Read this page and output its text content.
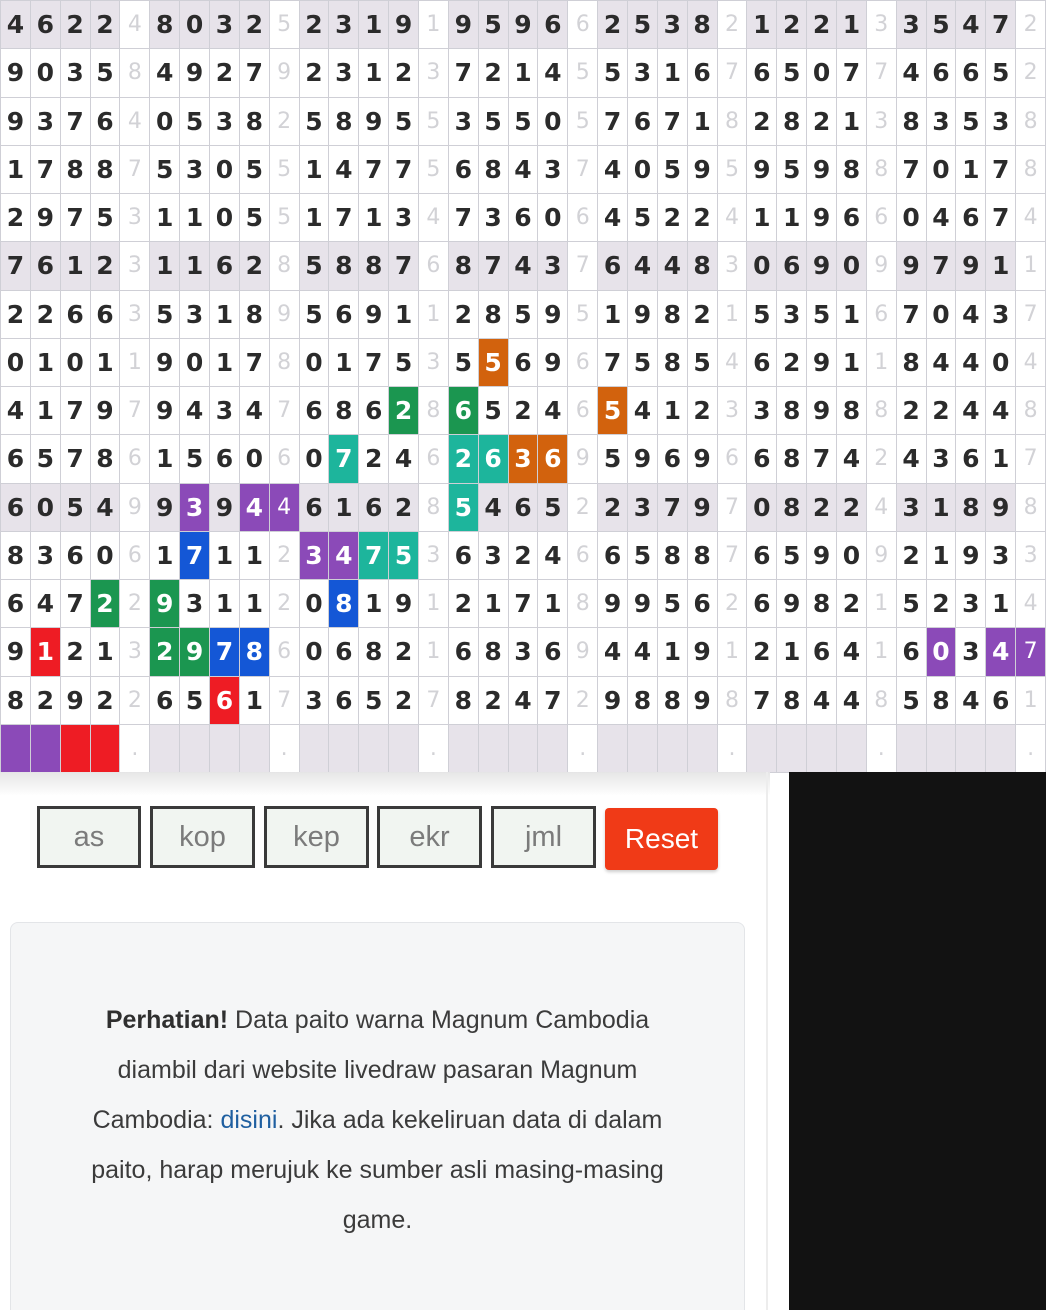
4 6 2 2 4 8 0 3 2 5 2 3 1 9 1 9 5 9 6 6 2 5 3 8 2 1 2 2 1 3 3 5 4 7 2
9 0 3 5 8 4 9 2 7 9 2 3 1 2 3 7 2 1 4 5 5 3 1 6 7 6 5 0 7 7 4 6 6 5 2
9 3 7 6 4 0 5 3 8 2 5 8 9 5 5 3 5 5 0 5 7 6 7 1 8 2 8 2 1 3 8 3 5 3 8
1 7 8 8 7 5 3 0 5 5 1 4 7 7 5 6 8 4 3 7 4 0 5 9 5 9 5 9 8 8 7 0 1 7 8
2 9 7 5 3 1 1 0 5 5 1 7 1 3 4 7 3 6 0 6 4 5 2 2 4 1 1 9 6 6 0 4 6 7 4
7 6 1 2 3 1 1 6 2 8 5 8 8 7 6 8 7 4 3 7 6 4 4 8 3 0 6 9 0 9 9 7 9 1 1
2 2 6 6 3 5 3 1 8 9 5 6 9 1 1 2 8 5 9 5 1 9 8 2 1 5 3 5 1 6 7 0 4 3 7
0 1 0 1 1 9 0 1 7 8 0 1 7 5 3 5 5 6 9 6 7 5 8 5 4 6 2 9 1 1 8 4 4 0 4
4 1 7 9 7 9 4 3 4 7 6 8 6 2 8 6 5 2 4 6 5 4 1 2 3 3 8 9 8 8 2 2 4 4 8
6 5 7 8 6 1 5 6 0 6 0 7 2 4 6 2 6 3 6 9 5 9 6 9 6 6 8 7 4 2 4 3 6 1 7
6 0 5 4 9 9 3 9 4 4 6 1 6 2 8 5 4 6 5 2 2 3 7 9 7 0 8 2 2 4 3 1 8 9 8
8 3 6 0 6 1 7 1 1 2 3 4 7 5 3 6 3 2 4 6 6 5 8 8 7 6 5 9 0 9 2 1 9 3 3
6 4 7 2 2 9 3 1 1 2 0 8 1 9 1 2 1 7 1 8 9 9 5 6 2 6 9 8 2 1 5 2 3 1 4
9 1 2 1 3 2 9 7 8 6 0 6 8 2 1 6 8 3 6 9 4 4 1 9 1 2 1 6 4 1 6 0 3 4 7
8 2 9 2 2 6 5 6 1 7 3 6 5 2 7 8 2 4 7 2 9 8 8 9 8 7 8 4 4 8 5 8 4 6 1
.	.	.	.	.	.	.
as	kop	kep	ekr	jml	Reset
Perhatian! Data paito warna Magnum Cambodia diambil dari website livedraw pasaran Magnum Cambodia: disini. Jika ada kekeliruan data di dalam paito, harap merujuk ke sumber asli masing-masing game.
